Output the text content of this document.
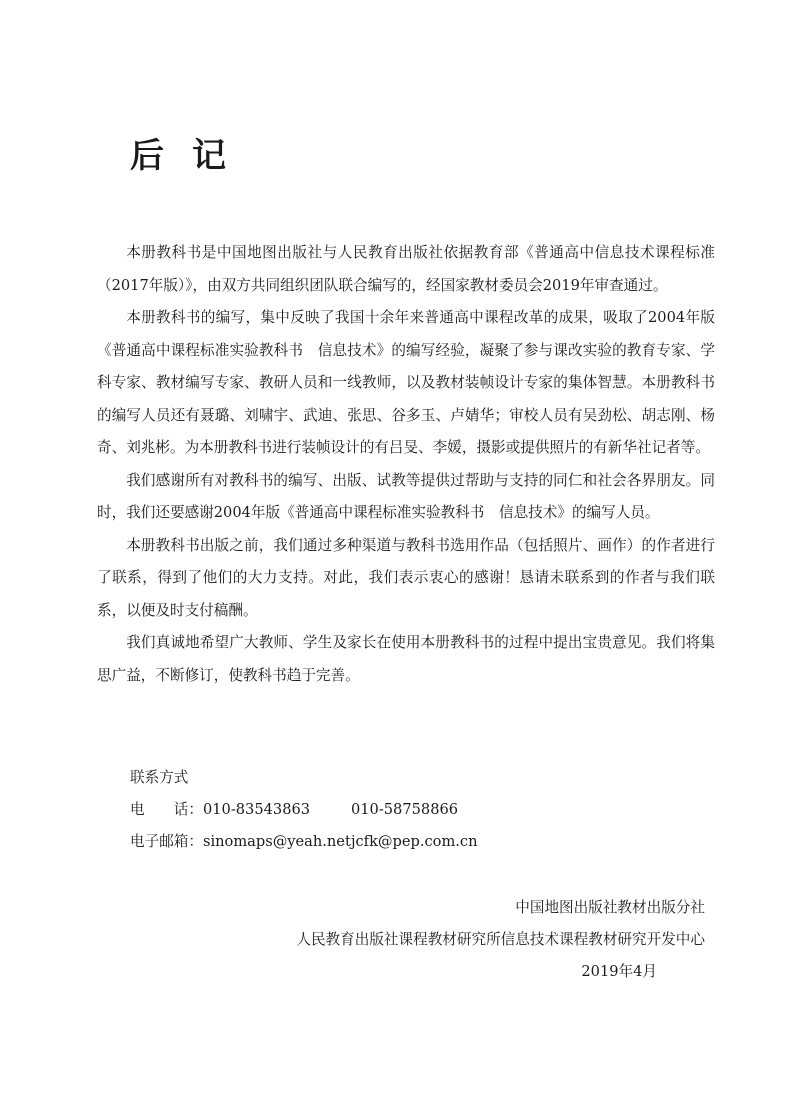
后 记

本册教科书是中国地图出版社与人民教育出版社依据教育部《普通高中信息技术课程标准（2017年版）》，由双方共同组织团队联合编写的，经国家教材委员会2019年审查通过。

本册教科书的编写，集中反映了我国十余年来普通高中课程改革的成果，吸取了2004年版《普通高中课程标准实验教科书　信息技术》的编写经验，凝聚了参与课改实验的教育专家、学科专家、教材编写专家、教研人员和一线教师，以及教材装帧设计专家的集体智慧。本册教科书的编写人员还有聂璐、刘啸宇、武迪、张思、谷多玉、卢婧华；审校人员有吴劲松、胡志刚、杨奇、刘兆彬。为本册教科书进行装帧设计的有吕旻、李媛，摄影或提供照片的有新华社记者等。

我们感谢所有对教科书的编写、出版、试教等提供过帮助与支持的同仁和社会各界朋友。同时，我们还要感谢2004年版《普通高中课程标准实验教科书　信息技术》的编写人员。

本册教科书出版之前，我们通过多种渠道与教科书选用作品（包括照片、画作）的作者进行了联系，得到了他们的大力支持。对此，我们表示衷心的感谢！恳请未联系到的作者与我们联系，以便及时支付稿酬。

我们真诚地希望广大教师、学生及家长在使用本册教科书的过程中提出宝贵意见。我们将集思广益，不断修订，使教科书趋于完善。

联系方式
电　　话：010-83543863	010-58758866
电子邮箱：sinomaps@yeah.netjcfk@pep.com.cn
中国地图出版社教材出版分社
人民教育出版社课程教材研究所信息技术课程教材研究开发中心
2019年4月
